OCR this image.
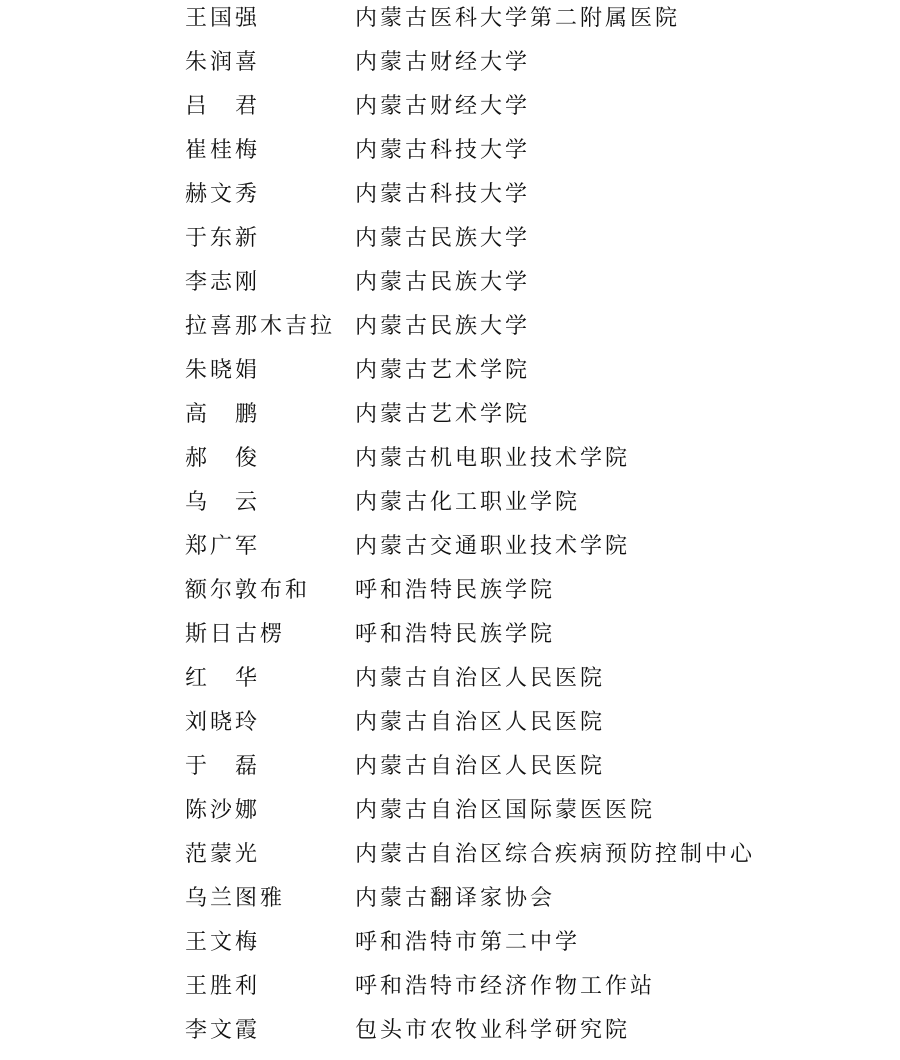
王国强	内蒙古医科大学第二附属医院
朱润喜	内蒙古财经大学
吕　君	内蒙古财经大学
崔桂梅	内蒙古科技大学
赫文秀	内蒙古科技大学
于东新	内蒙古民族大学
李志刚	内蒙古民族大学
拉喜那木吉拉 内蒙古民族大学
朱晓娟	内蒙古艺术学院
高　鹏	内蒙古艺术学院
郝　俊	内蒙古机电职业技术学院
乌　云	内蒙古化工职业学院
郑广军	内蒙古交通职业技术学院
额尔敦布和	呼和浩特民族学院
斯日古楞	呼和浩特民族学院
红　华	内蒙古自治区人民医院
刘晓玲	内蒙古自治区人民医院
于　磊	内蒙古自治区人民医院
陈沙娜	内蒙古自治区国际蒙医医院
范蒙光	内蒙古自治区综合疾病预防控制中心
乌兰图雅	内蒙古翻译家协会
王文梅	呼和浩特市第二中学
王胜利	呼和浩特市经济作物工作站
李文霞	包头市农牧业科学研究院
